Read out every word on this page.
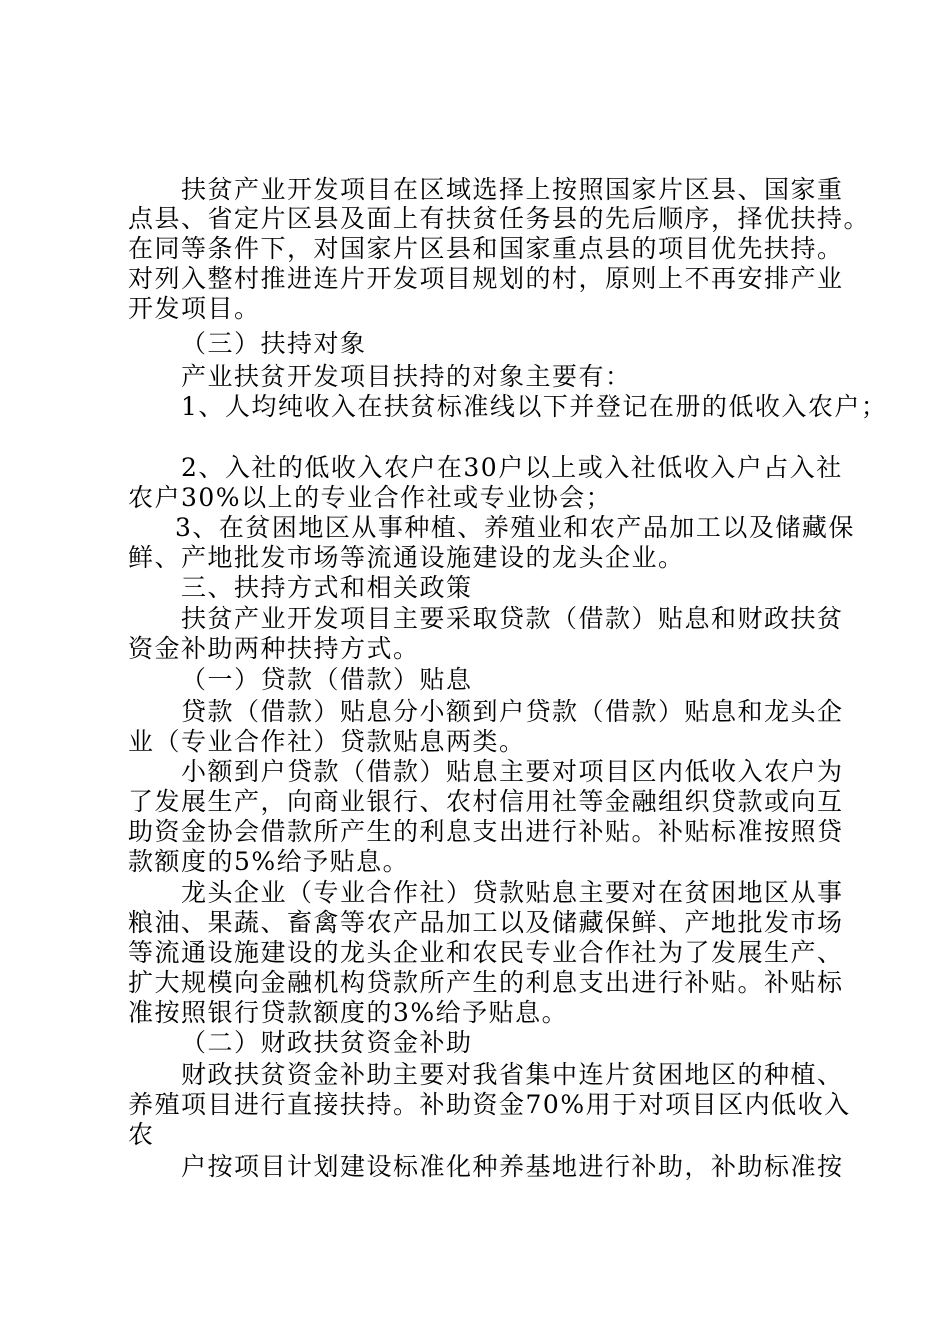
扶贫产业开发项目在区域选择上按照国家片区县、国家重
点县、省定片区县及面上有扶贫任务县的先后顺序，择优扶持。
在同等条件下，对国家片区县和国家重点县的项目优先扶持。
对列入整村推进连片开发项目规划的村，原则上不再安排产业
开发项目。
（三）扶持对象
产业扶贫开发项目扶持的对象主要有：
1、人均纯收入在扶贫标准线以下并登记在册的低收入农户；
2、入社的低收入农户在30户以上或入社低收入户占入社
农户30%以上的专业合作社或专业协会；
3、在贫困地区从事种植、养殖业和农产品加工以及储藏保
鲜、产地批发市场等流通设施建设的龙头企业。
三、扶持方式和相关政策
扶贫产业开发项目主要采取贷款（借款）贴息和财政扶贫
资金补助两种扶持方式。
（一）贷款（借款）贴息
贷款（借款）贴息分小额到户贷款（借款）贴息和龙头企
业（专业合作社）贷款贴息两类。
小额到户贷款（借款）贴息主要对项目区内低收入农户为
了发展生产，向商业银行、农村信用社等金融组织贷款或向互
助资金协会借款所产生的利息支出进行补贴。补贴标准按照贷
款额度的5%给予贴息。
龙头企业（专业合作社）贷款贴息主要对在贫困地区从事
粮油、果蔬、畜禽等农产品加工以及储藏保鲜、产地批发市场
等流通设施建设的龙头企业和农民专业合作社为了发展生产、
扩大规模向金融机构贷款所产生的利息支出进行补贴。补贴标
准按照银行贷款额度的3%给予贴息。
（二）财政扶贫资金补助
财政扶贫资金补助主要对我省集中连片贫困地区的种植、
养殖项目进行直接扶持。补助资金70%用于对项目区内低收入
农
户按项目计划建设标准化种养基地进行补助，补助标准按
